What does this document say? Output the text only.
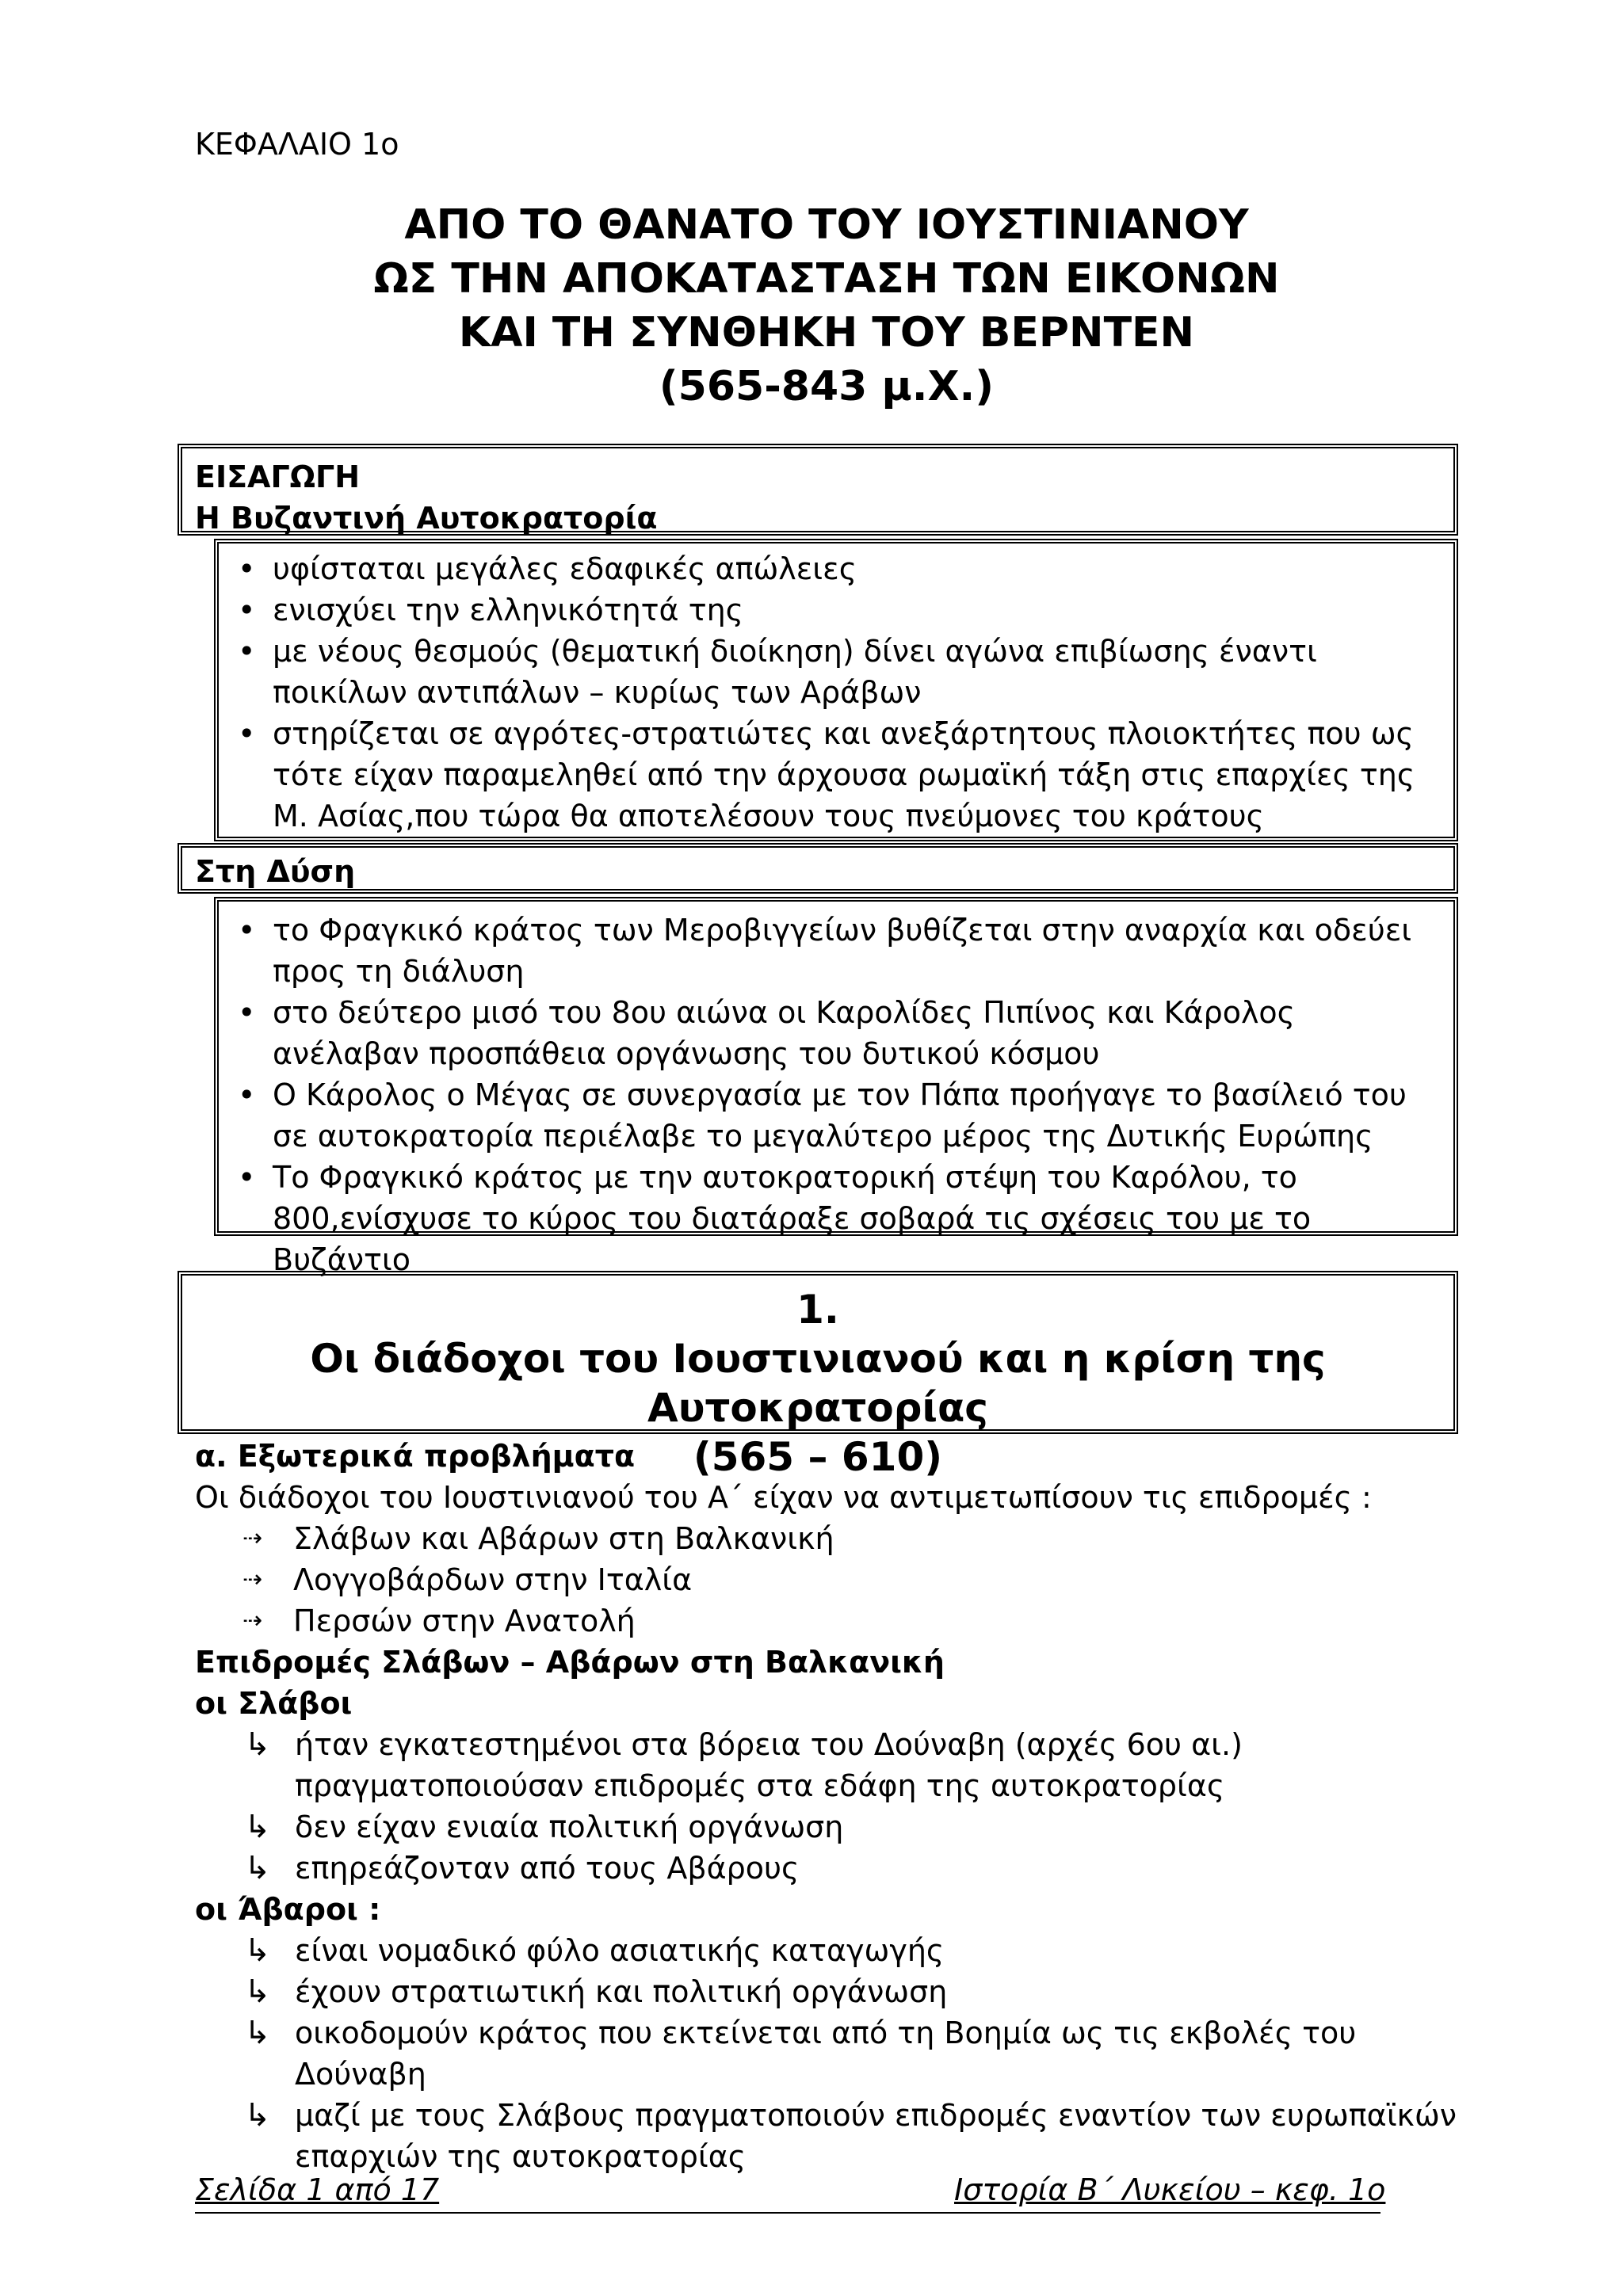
ΚΕΦΑΛΑΙΟ 1ο
ΑΠΟ ΤΟ ΘΑΝΑΤΟ ΤΟΥ ΙΟΥΣΤΙΝΙΑΝΟΥ
ΩΣ ΤΗΝ ΑΠΟΚΑΤΑΣΤΑΣΗ ΤΩΝ ΕΙΚΟΝΩΝ
ΚΑΙ ΤΗ ΣΥΝΘΗΚΗ ΤΟΥ ΒΕΡΝΤΕΝ
(565-843 μ.Χ.)
ΕΙΣΑΓΩΓΗ
Η Βυζαντινή Αυτοκρατορία
• υφίσταται μεγάλες εδαφικές απώλειες
• ενισχύει την ελληνικότητά της
• με νέους θεσμούς (θεματική διοίκηση) δίνει αγώνα επιβίωσης έναντι ποικίλων αντιπάλων – κυρίως των Αράβων
• στηρίζεται σε αγρότες-στρατιώτες και ανεξάρτητους πλοιοκτήτες που ως τότε είχαν παραμεληθεί από την άρχουσα ρωμαϊκή τάξη στις επαρχίες της Μ. Ασίας,που τώρα θα αποτελέσουν τους πνεύμονες του κράτους
Στη Δύση
• το Φραγκικό κράτος των Μεροβιγγείων βυθίζεται στην αναρχία και οδεύει προς τη διάλυση
• στο δεύτερο μισό του 8ου αιώνα οι Καρολίδες Πιπίνος και Κάρολος ανέλαβαν προσπάθεια οργάνωσης του δυτικού κόσμου
• Ο Κάρολος ο Μέγας σε συνεργασία με τον Πάπα προήγαγε το βασίλειό του σε αυτοκρατορία περιέλαβε το μεγαλύτερο μέρος της Δυτικής Ευρώπης
• Το Φραγκικό κράτος με την αυτοκρατορική στέψη του Καρόλου, το 800,ενίσχυσε το κύρος του διατάραξε σοβαρά τις σχέσεις του με το Βυζάντιο
1.
Οι διάδοχοι του Ιουστινιανού και η κρίση της Αυτοκρατορίας
(565 – 610)
α. Εξωτερικά προβλήματα
Οι διάδοχοι του Ιουστινιανού του Α΄ είχαν να αντιμετωπίσουν τις επιδρομές :
⇢ Σλάβων και Αβάρων στη Βαλκανική
⇢ Λογγοβάρδων στην Ιταλία
⇢ Περσών στην Ανατολή
Επιδρομές Σλάβων – Αβάρων στη Βαλκανική
οι Σλάβοι
↳ ήταν εγκατεστημένοι στα βόρεια του Δούναβη (αρχές 6ου αι.) πραγματοποιούσαν επιδρομές στα εδάφη της αυτοκρατορίας
↳ δεν είχαν ενιαία πολιτική οργάνωση
↳ επηρεάζονταν από τους Αβάρους
οι Άβαροι :
↳ είναι νομαδικό φύλο ασιατικής καταγωγής
↳ έχουν στρατιωτική και πολιτική οργάνωση
↳ οικοδομούν κράτος που εκτείνεται από τη Βοημία ως τις εκβολές του Δούναβη
↳ μαζί με τους Σλάβους πραγματοποιούν επιδρομές εναντίον των ευρωπαϊκών επαρχιών της αυτοκρατορίας
Σελίδα 1 από 17	Ιστορία Β΄ Λυκείου – κεφ. 1ο
